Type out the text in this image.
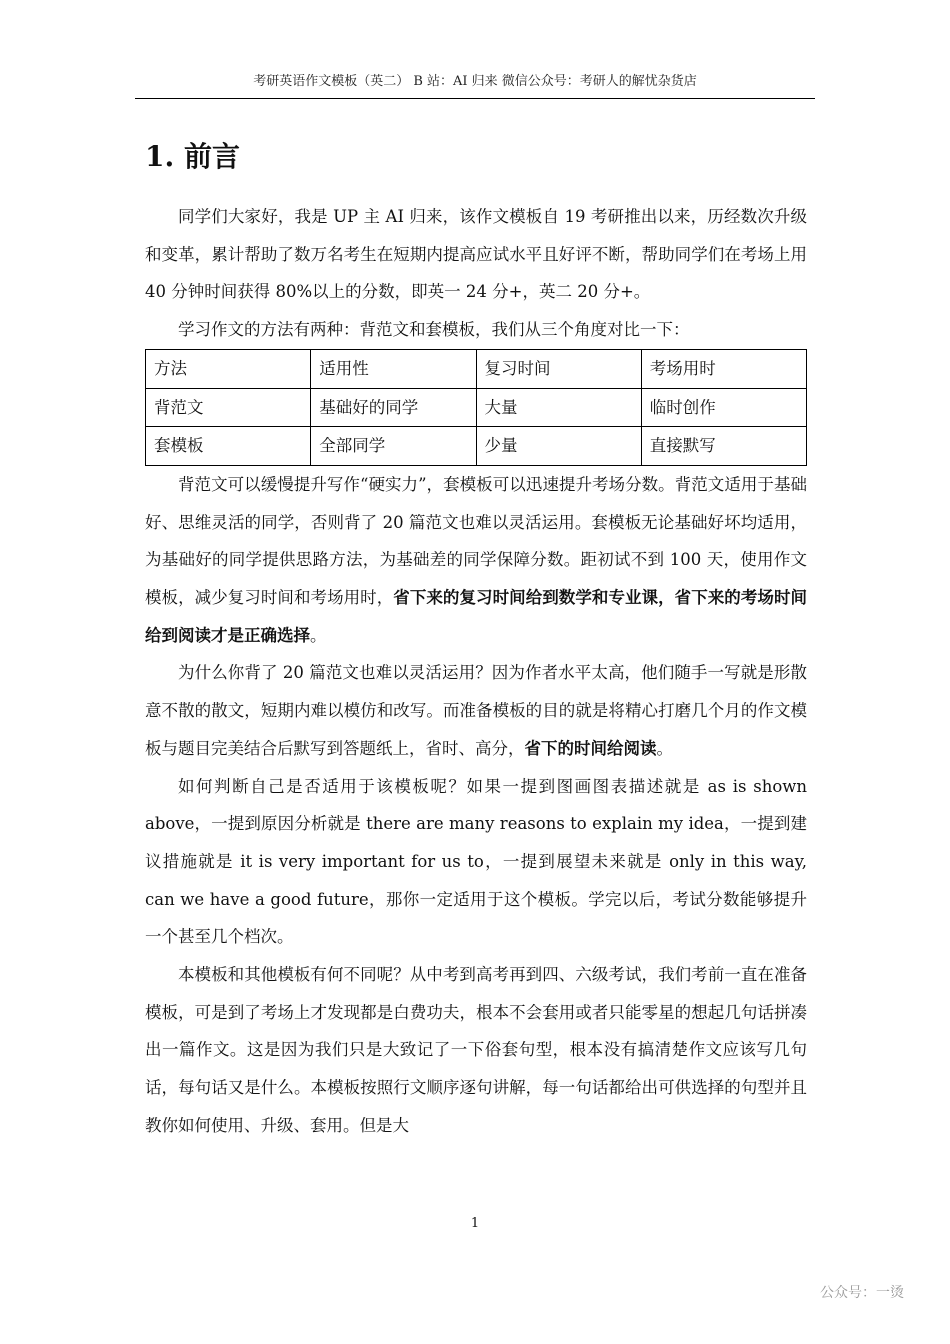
考研英语作文模板（英二） B 站：AI 归来 微信公众号：考研人的解忧杂货店
1. 前言

同学们大家好，我是 UP 主 AI 归来，该作文模板自 19 考研推出以来，历经数次升级和变革，累计帮助了数万名考生在短期内提高应试水平且好评不断，帮助同学们在考场上用 40 分钟时间获得 80%以上的分数，即英一 24 分+，英二 20 分+。

学习作文的方法有两种：背范文和套模板，我们从三个角度对比一下：

方法	适用性	复习时间	考场用时
背范文	基础好的同学	大量	临时创作
套模板	全部同学	少量	直接默写

背范文可以缓慢提升写作“硬实力”，套模板可以迅速提升考场分数。背范文适用于基础好、思维灵活的同学，否则背了 20 篇范文也难以灵活运用。套模板无论基础好坏均适用，为基础好的同学提供思路方法，为基础差的同学保障分数。距初试不到 100 天，使用作文模板，减少复习时间和考场用时，省下来的复习时间给到数学和专业课，省下来的考场时间给到阅读才是正确选择。

为什么你背了 20 篇范文也难以灵活运用？因为作者水平太高，他们随手一写就是形散意不散的散文，短期内难以模仿和改写。而准备模板的目的就是将精心打磨几个月的作文模板与题目完美结合后默写到答题纸上，省时、高分，省下的时间给阅读。

如何判断自己是否适用于该模板呢？如果一提到图画图表描述就是 as is shown above，一提到原因分析就是 there are many reasons to explain my idea，一提到建议措施就是 it is very important for us to，一提到展望未来就是 only in this way, can we have a good future，那你一定适用于这个模板。学完以后，考试分数能够提升一个甚至几个档次。

本模板和其他模板有何不同呢？从中考到高考再到四、六级考试，我们考前一直在准备模板，可是到了考场上才发现都是白费功夫，根本不会套用或者只能零星的想起几句话拼凑出一篇作文。这是因为我们只是大致记了一下俗套句型，根本没有搞清楚作文应该写几句话，每句话又是什么。本模板按照行文顺序逐句讲解，每一句话都给出可供选择的句型并且教你如何使用、升级、套用。但是大

1
公众号：一烫
